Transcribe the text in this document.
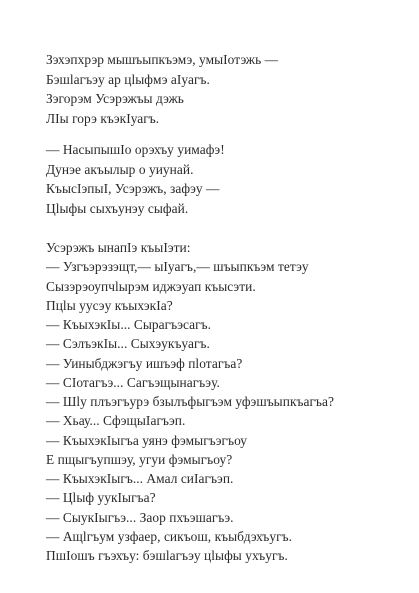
Зэхэпхрэр мышъыпкъэмэ, умыIотэжь —
Бэшlагъэу ар цlыфмэ аIуагъ.
Зэгорэм Усэрэжъы дэжь
ЛIы горэ къэкIуагъ.
— НасыпышIо орэхъу уимафэ!
Дунэе акъылыр о уиунай.
КъысIэпыI, Усэрэжъ, зафэу —
Цlыфы сыхъунэу сыфай.
Усэрэжъ ынапIэ къыIэти:
— Узгъэрэзэщт,— ыIуагъ,— шъыпкъэм тетэу
Сызэрэоупчlырэм иджэуап къысэти.
Пцlы уусэу къыхэкIа?
— КъыхэкIы... Сырагъэсагъ.
— СэлъэкIы... Сыхэукъуагъ.
— Уиныбджэгъу ишъэф пlотагъа?
— СIотагъэ... Сагъэщынагъэу.
— Шlу плъэгъурэ бзылъфыгъэм уфэшъыпкъагъа?
— Хьау... СфэщыIагъэп.
— КъыхэкIыгъа уянэ фэмыгъэгъоу
Е пщыгъупшэу, угуи фэмыгъоу?
— КъыхэкIыгъ... Амал сиIагъэп.
— Цlыф уукIыгъа?
— СыукIыгъэ... Заор пхъэшагъэ.
— Ащlгъум узфаер, сикъош, къыбдэхъугъ.
ПшIошъ гъэхъу: бэшlагъэу цlыфы ухъугъ.
